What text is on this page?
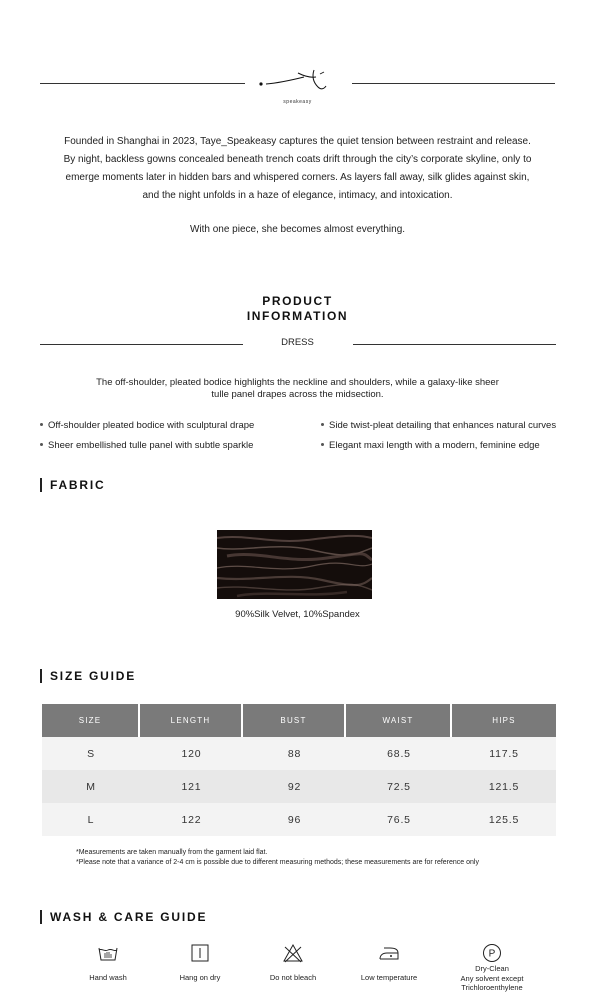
speakeasy
Founded in Shanghai in 2023, Taye_Speakeasy captures the quiet tension between restraint and release.
By night, backless gowns concealed beneath trench coats drift through the city’s corporate skyline, only to
emerge moments later in hidden bars and whispered corners. As layers fall away, silk glides against skin,
and the night unfolds in a haze of elegance, intimacy, and intoxication.
With one piece, she becomes almost everything.
PRODUCT
INFORMATION
DRESS
The off-shoulder, pleated bodice highlights the neckline and shoulders, while a galaxy-like sheer
tulle panel drapes across the midsection.
Off-shoulder pleated bodice with sculptural drape
Sheer embellished tulle panel with subtle sparkle
Side twist-pleat detailing that enhances natural curves
Elegant maxi length with a modern, feminine edge
FABRIC
90%Silk Velvet, 10%Spandex
SIZE GUIDE
SIZE	LENGTH	BUST	WAIST	HIPS
S	120	88	68.5	117.5
M	121	92	72.5	121.5
L	122	96	76.5	125.5
*Measurements are taken manually from the garment laid flat.
*Please note that a variance of 2-4 cm is possible due to different measuring methods; these measurements are for reference only
WASH & CARE GUIDE
Hand wash	Hang on dry	Do not bleach	Low temperature
P
Dry-Clean
Any solvent except
Trichloroenthylene
